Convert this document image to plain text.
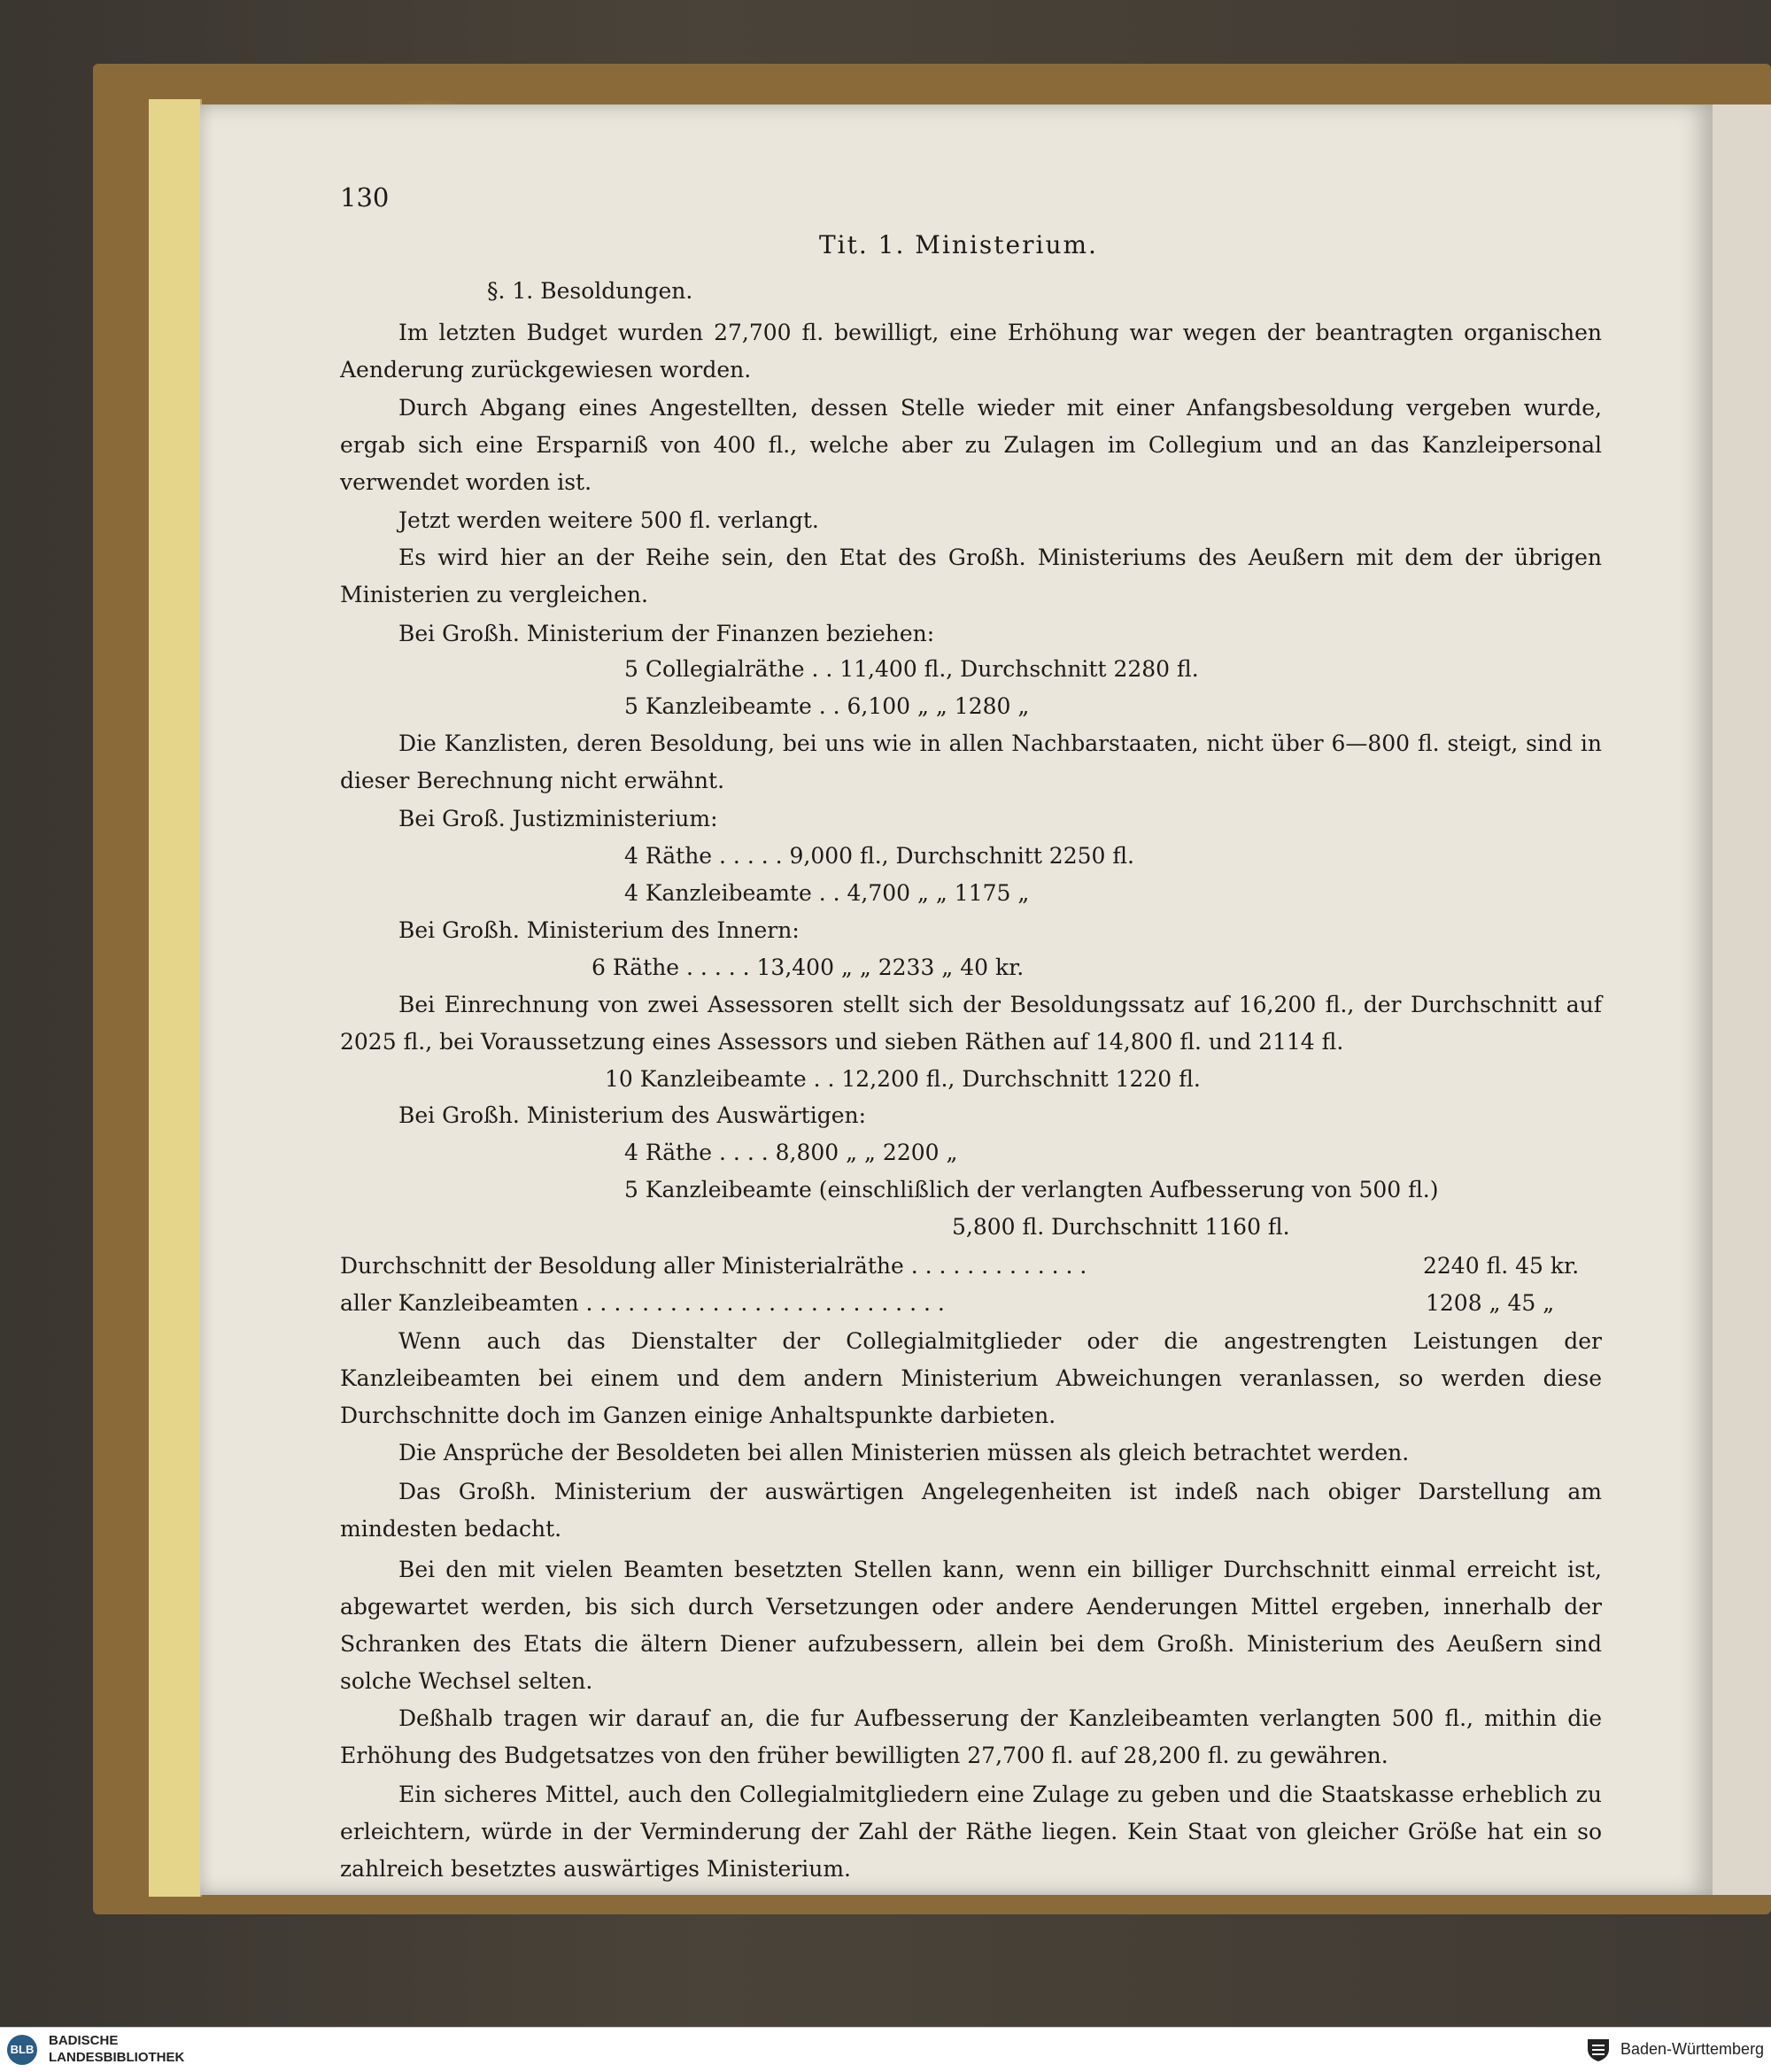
130
Tit. 1. Ministerium.
§. 1. Besoldungen.
Im letzten Budget wurden 27,700 fl. bewilligt, eine Erhöhung war wegen der beantragten organischen Aenderung zurückgewiesen worden.
Durch Abgang eines Angestellten, dessen Stelle wieder mit einer Anfangsbesoldung vergeben wurde, ergab sich eine Ersparniß von 400 fl., welche aber zu Zulagen im Collegium und an das Kanzleipersonal verwendet worden ist.
Jetzt werden weitere 500 fl. verlangt.
Es wird hier an der Reihe sein, den Etat des Großh. Ministeriums des Aeußern mit dem der übrigen Ministerien zu vergleichen.
Bei Großh. Ministerium der Finanzen beziehen:
5 Collegialräthe . . 11,400 fl., Durchschnitt 2280 fl.
5 Kanzleibeamte . . 6,100 „ „ 1280 „
Die Kanzlisten, deren Besoldung, bei uns wie in allen Nachbarstaaten, nicht über 6—800 fl. steigt, sind in dieser Berechnung nicht erwähnt.
Bei Groß. Justizministerium:
4 Räthe . . . . . 9,000 fl., Durchschnitt 2250 fl.
4 Kanzleibeamte . . 4,700 „ „ 1175 „
Bei Großh. Ministerium des Innern:
6 Räthe . . . . . 13,400 „ „ 2233 „ 40 kr.
Bei Einrechnung von zwei Assessoren stellt sich der Besoldungssatz auf 16,200 fl., der Durchschnitt auf 2025 fl., bei Voraussetzung eines Assessors und sieben Räthen auf 14,800 fl. und 2114 fl.
10 Kanzleibeamte . . 12,200 fl., Durchschnitt 1220 fl.
Bei Großh. Ministerium des Auswärtigen:
4 Räthe . . . . 8,800 „ „ 2200 „
5 Kanzleibeamte (einschlißlich der verlangten Aufbesserung von 500 fl.)
5,800 fl. Durchschnitt 1160 fl.
Durchschnitt der Besoldung aller Ministerialräthe . . . . . . . . . . . . .	2240 fl. 45 kr.
aller Kanzleibeamten . . . . . . . . . . . . . . . . . . . . . . . . . .	1208 „ 45 „
Wenn auch das Dienstalter der Collegialmitglieder oder die angestrengten Leistungen der Kanzleibeamten bei einem und dem andern Ministerium Abweichungen veranlassen, so werden diese Durchschnitte doch im Ganzen einige Anhaltspunkte darbieten.
Die Ansprüche der Besoldeten bei allen Ministerien müssen als gleich betrachtet werden.
Das Großh. Ministerium der auswärtigen Angelegenheiten ist indeß nach obiger Darstellung am mindesten bedacht.
Bei den mit vielen Beamten besetzten Stellen kann, wenn ein billiger Durchschnitt einmal erreicht ist, abgewartet werden, bis sich durch Versetzungen oder andere Aenderungen Mittel ergeben, innerhalb der Schranken des Etats die ältern Diener aufzubessern, allein bei dem Großh. Ministerium des Aeußern sind solche Wechsel selten.
Deßhalb tragen wir darauf an, die fur Aufbesserung der Kanzleibeamten verlangten 500 fl., mithin die Erhöhung des Budgetsatzes von den früher bewilligten 27,700 fl. auf 28,200 fl. zu gewähren.
Ein sicheres Mittel, auch den Collegialmitgliedern eine Zulage zu geben und die Staatskasse erheblich zu erleichtern, würde in der Verminderung der Zahl der Räthe liegen. Kein Staat von gleicher Größe hat ein so zahlreich besetztes auswärtiges Ministerium.
BLB
BADISCHE
LANDESBIBLIOTHEK	Baden-Württemberg
